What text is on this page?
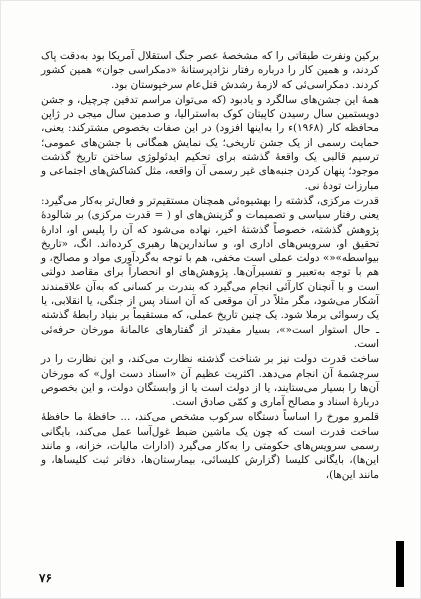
برکین ونفرت طبقاتی را که مشخصهٔ عصر جنگ استقلال آمریکا بود به‌دقت پاک کردند، و همین کار را درباره رفتار نژادپرستانهٔ «دمکراسی جوان» همین کشور کردند. دمکراسی‌ئی که لازمهٔ رشدش قتل‌عام سرخپوستان بود.

همهٔ این جشن‌های سالگرد و یادبود (که می‌توان مراسم تدفین چرچیل، و جشن دویستمین سال رسیدن کاپیتان کوک به‌استرالیا، و صدمین سال میجی در ژاپن محافظه کار (۱۹۶۸)ء را به‌اینها افزود) در این صفات بخصوص مشترکند: یعنی، حمایت رسمی از یک جشن تاریخی؛ یک نمایش همگانی با جشن‌های عمومی؛ ترسیم قالبی یک واقعهٔ گذشته برای تحکیم ایدئولوژی ساختن تاریخ گذشت موجود؛ پنهان کردن جنبه‌های غیر رسمی آن واقعه، مثل کشاکش‌های اجتماعی و مبارزات تودهٔ نی.

قدرت مرکزی، گذشته را بهشیوه‌ئی همچنان مستقیم‌تر و فعال‌تر به‌کار می‌گیرد: یعنی رفتار سیاسی و تصمیمات و گزینش‌های او ( = قدرت مرکزی) بر شالودهٔ پژوهش گذشته، خصوصاً گذشتهٔ اخیر، نهاده می‌شود که آن را پلیس او، ادارهٔ تحقیق او، سرویس‌های اداری او، و ساندارین‌ها رهبری کرده‌اند. انگ، «تاریخ بیواسطه»«» دولت عملی است مخفی، هم با توجه به‌گردآوری مواد و مصالح، و هم با توجه به‌تعبیر و تفسیرآن‌ها. پژوهش‌های او انحصاراً برای مقاصد دولتی است و با آنچنان کارآئی انجام می‌گیرد که بندرت بر کسانی که به‌آن علاقمندند آشکار می‌شود، مگر مثلاً در آن موقعی که آن اسناد پس از جنگی، یا انقلابی، یا یک رسوائی برملا شود. یک چنین تاریخ عملی، که مستقیماً بر بنیاد رابطهٔ گذشته ـ حال استوار است«»، بسیار مفیدتر از گفتارهای عالمانهٔ مورخان حرفه‌ئی است.

ساخت قدرت دولت نیز بر شناخت گذشته نظارت می‌کند، و این نظارت را در سرچشمهٔ آن انجام می‌دهد. اکثریت عظیم آن «اسناد دست اول» که مورخان آن‌ها را بسیار می‌ستایند، یا از دولت است یا از وابستگان دولت، و این بخصوص دربارهٔ اسناد و مصالح آماری و کمّی صادق است.

قلمرو مورخ را اساساً دستگاه سرکوب مشخص می‌کند، ... حافظهٔ ما حافظهٔ ساخت قدرت است که چون یک ماشین ضبط غول‌آسا عمل می‌کند، بایگانی رسمی سرویس‌های حکومتی را به‌کار می‌گیرد (ادارات مالیات، خزانه، و مانند این‌ها)، بایگانی کلیسا (گزارش کلیسائی، بیمارستان‌ها، دفاتر ثبت کلیساها، و مانند این‌ها)،

۷۶
